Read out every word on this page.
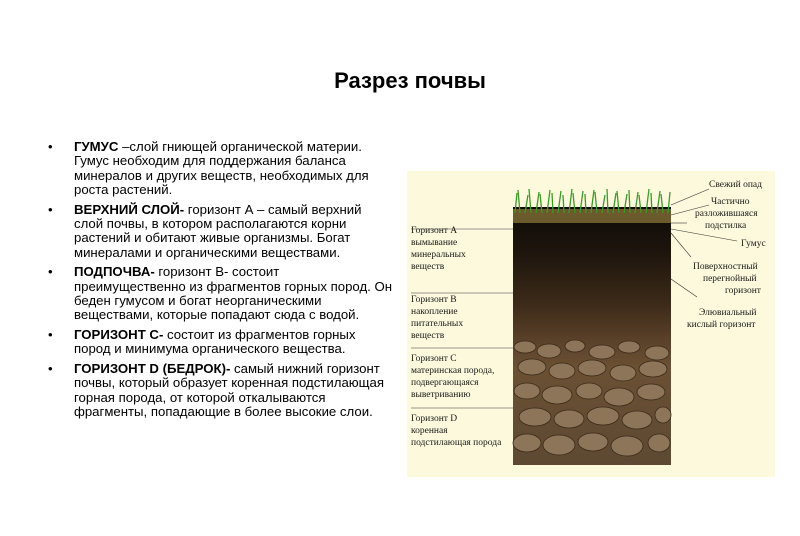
Разрез почвы
• ГУМУС –слой гниющей органической материи. Гумус необходим для поддержания баланса минералов и других веществ, необходимых для роста растений.
• ВЕРХНИЙ СЛОЙ- горизонт А – самый верхний слой почвы, в котором располагаются корни растений и обитают живые организмы. Богат минералами и органическими веществами.
• ПОДПОЧВА- горизонт В- состоит преимущественно из фрагментов горных пород. Он беден гумусом и богат неорганическими веществами, которые попадают сюда с водой.
• ГОРИЗОНТ С- состоит из фрагментов горных пород и минимума органического вещества.
• ГОРИЗОНТ D (БЕДРОК)- самый нижний горизонт почвы, который образует коренная подстилающая горная порода, от которой откалываются фрагменты, попадающие в более высокие слои.
Горизонт A
вымывание
минеральных
веществ
Горизонт B
накопление
питательных
веществ
Горизонт C
материнская порода,
подвергающаяся
выветриванию
Горизонт D
коренная
подстилающая порода
Свежий опад
Частично
разложившаяся
подстилка
Гумус
Поверхностный
перегнойный
горизонт
Элювиальный
кислый горизонт
